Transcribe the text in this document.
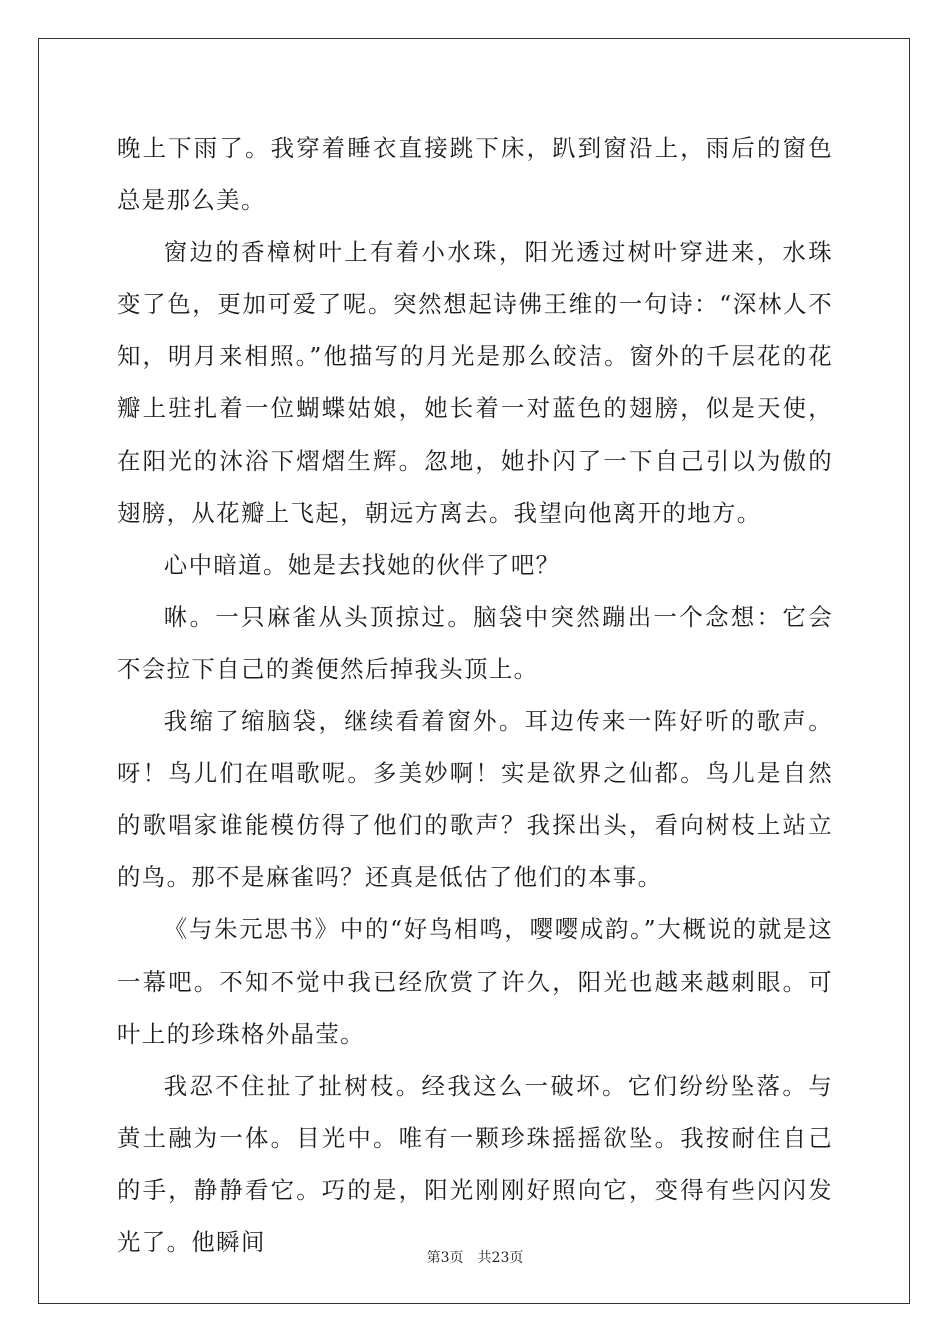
晚上下雨了。我穿着睡衣直接跳下床，趴到窗沿上，雨后的窗色总是那么美。

窗边的香樟树叶上有着小水珠，阳光透过树叶穿进来，水珠变了色，更加可爱了呢。突然想起诗佛王维的一句诗：“深林人不知，明月来相照。”他描写的月光是那么皎洁。窗外的千层花的花瓣上驻扎着一位蝴蝶姑娘，她长着一对蓝色的翅膀，似是天使，在阳光的沐浴下熠熠生辉。忽地，她扑闪了一下自己引以为傲的翅膀，从花瓣上飞起，朝远方离去。我望向他离开的地方。

心中暗道。她是去找她的伙伴了吧？

咻。一只麻雀从头顶掠过。脑袋中突然蹦出一个念想：它会不会拉下自己的粪便然后掉我头顶上。

我缩了缩脑袋，继续看着窗外。耳边传来一阵好听的歌声。呀！鸟儿们在唱歌呢。多美妙啊！实是欲界之仙都。鸟儿是自然的歌唱家谁能模仿得了他们的歌声？我探出头，看向树枝上站立的鸟。那不是麻雀吗？还真是低估了他们的本事。

《与朱元思书》中的“好鸟相鸣，嘤嘤成韵。”大概说的就是这一幕吧。不知不觉中我已经欣赏了许久，阳光也越来越刺眼。可叶上的珍珠格外晶莹。

我忍不住扯了扯树枝。经我这么一破坏。它们纷纷坠落。与黄土融为一体。目光中。唯有一颗珍珠摇摇欲坠。我按耐住自己的手，静静看它。巧的是，阳光刚刚好照向它，变得有些闪闪发光了。他瞬间

第3页 共23页
